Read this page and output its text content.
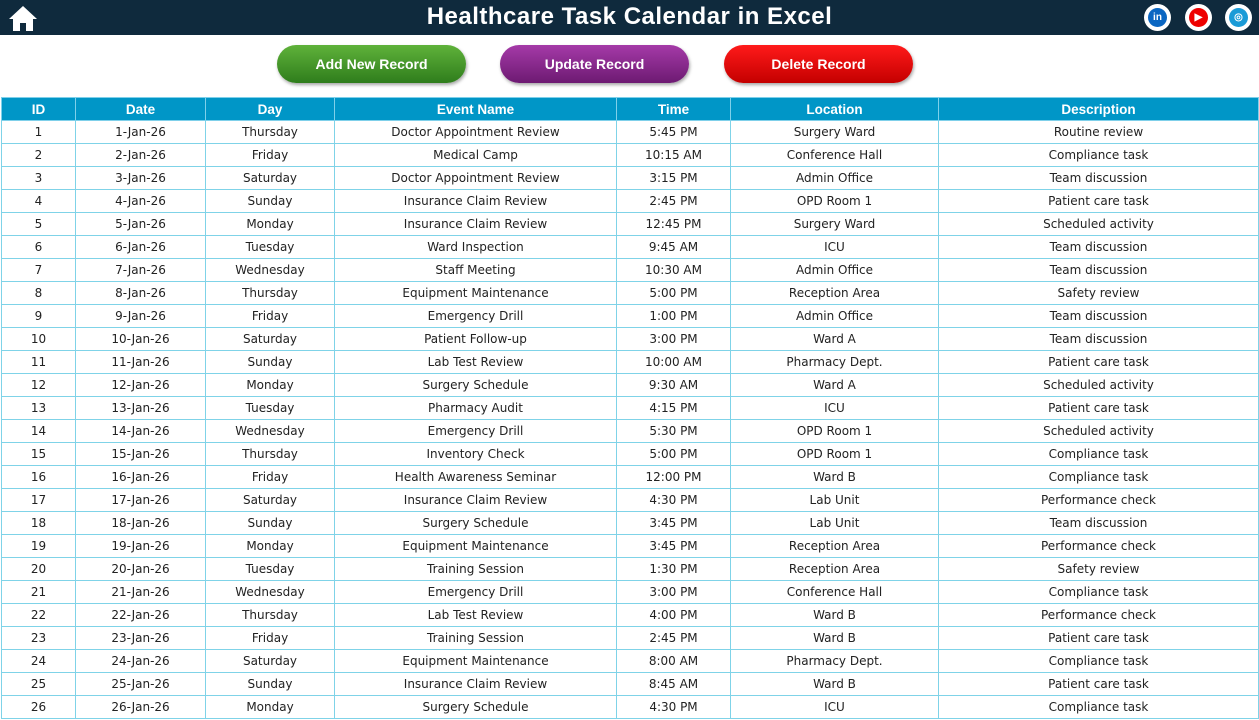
Healthcare Task Calendar in Excel	in	▶	◎
Add New Record	Update Record	Delete Record
ID	Date	Day	Event Name	Time	Location	Description
1	1-Jan-26	Thursday	Doctor Appointment Review	5:45 PM	Surgery Ward	Routine review
2	2-Jan-26	Friday	Medical Camp	10:15 AM	Conference Hall	Compliance task
3	3-Jan-26	Saturday	Doctor Appointment Review	3:15 PM	Admin Office	Team discussion
4	4-Jan-26	Sunday	Insurance Claim Review	2:45 PM	OPD Room 1	Patient care task
5	5-Jan-26	Monday	Insurance Claim Review	12:45 PM	Surgery Ward	Scheduled activity
6	6-Jan-26	Tuesday	Ward Inspection	9:45 AM	ICU	Team discussion
7	7-Jan-26	Wednesday	Staff Meeting	10:30 AM	Admin Office	Team discussion
8	8-Jan-26	Thursday	Equipment Maintenance	5:00 PM	Reception Area	Safety review
9	9-Jan-26	Friday	Emergency Drill	1:00 PM	Admin Office	Team discussion
10	10-Jan-26	Saturday	Patient Follow-up	3:00 PM	Ward A	Team discussion
11	11-Jan-26	Sunday	Lab Test Review	10:00 AM	Pharmacy Dept.	Patient care task
12	12-Jan-26	Monday	Surgery Schedule	9:30 AM	Ward A	Scheduled activity
13	13-Jan-26	Tuesday	Pharmacy Audit	4:15 PM	ICU	Patient care task
14	14-Jan-26	Wednesday	Emergency Drill	5:30 PM	OPD Room 1	Scheduled activity
15	15-Jan-26	Thursday	Inventory Check	5:00 PM	OPD Room 1	Compliance task
16	16-Jan-26	Friday	Health Awareness Seminar	12:00 PM	Ward B	Compliance task
17	17-Jan-26	Saturday	Insurance Claim Review	4:30 PM	Lab Unit	Performance check
18	18-Jan-26	Sunday	Surgery Schedule	3:45 PM	Lab Unit	Team discussion
19	19-Jan-26	Monday	Equipment Maintenance	3:45 PM	Reception Area	Performance check
20	20-Jan-26	Tuesday	Training Session	1:30 PM	Reception Area	Safety review
21	21-Jan-26	Wednesday	Emergency Drill	3:00 PM	Conference Hall	Compliance task
22	22-Jan-26	Thursday	Lab Test Review	4:00 PM	Ward B	Performance check
23	23-Jan-26	Friday	Training Session	2:45 PM	Ward B	Patient care task
24	24-Jan-26	Saturday	Equipment Maintenance	8:00 AM	Pharmacy Dept.	Compliance task
25	25-Jan-26	Sunday	Insurance Claim Review	8:45 AM	Ward B	Patient care task
26	26-Jan-26	Monday	Surgery Schedule	4:30 PM	ICU	Compliance task
